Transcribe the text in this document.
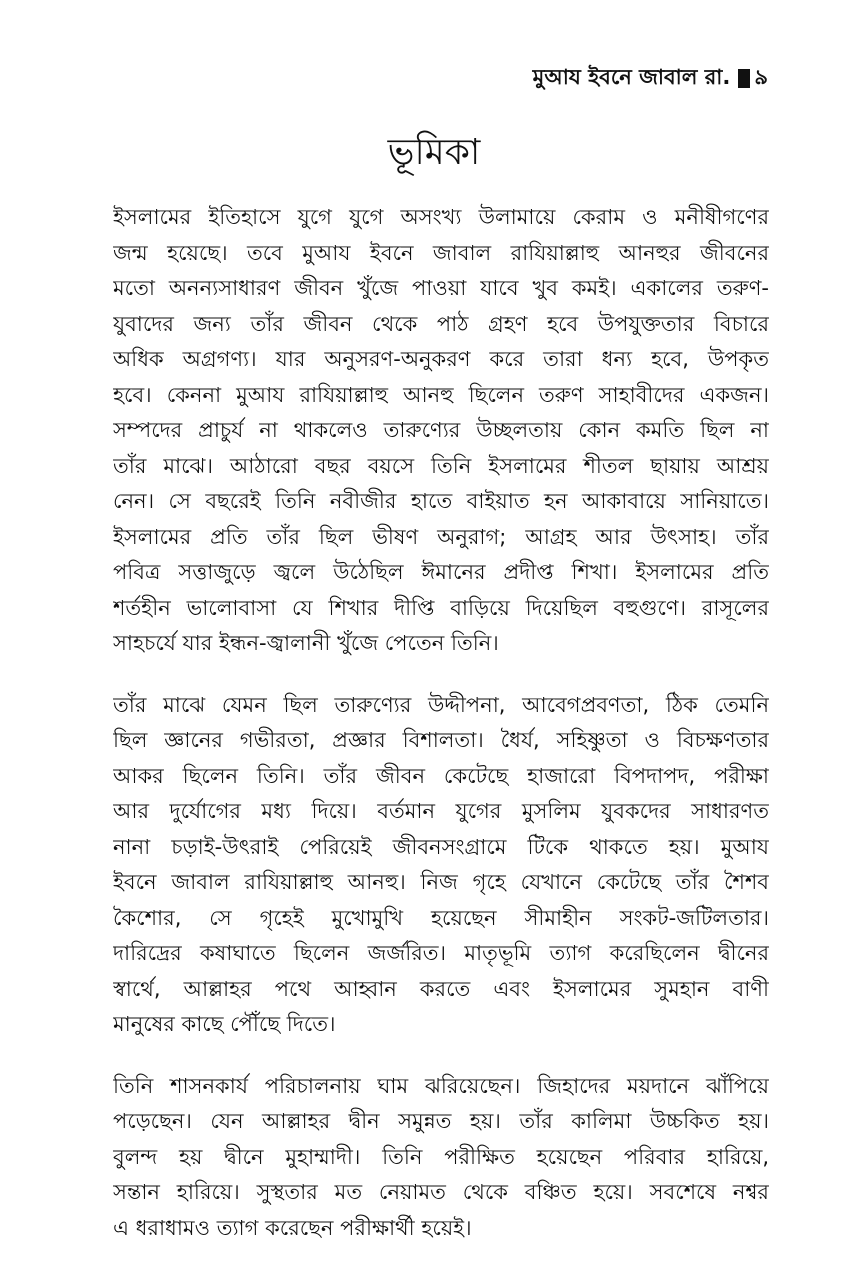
মুআয ইবনে জাবাল রা. ৯
ভূমিকা

ইসলামের ইতিহাসে যুগে যুগে অসংখ্য উলামায়ে কেরাম ও মনীষীগণের
জন্ম হয়েছে। তবে মুআয ইবনে জাবাল রাযিয়াল্লাহু আনহুর জীবনের
মতো অনন্যসাধারণ জীবন খুঁজে পাওয়া যাবে খুব কমই। একালের তরুণ-
যুবাদের জন্য তাঁর জীবন থেকে পাঠ গ্রহণ হবে উপযুক্ততার বিচারে
অধিক অগ্রগণ্য। যার অনুসরণ-অনুকরণ করে তারা ধন্য হবে, উপকৃত
হবে। কেননা মুআয রাযিয়াল্লাহু আনহু ছিলেন তরুণ সাহাবীদের একজন।
সম্পদের প্রাচুর্য না থাকলেও তারুণ্যের উচ্ছলতায় কোন কমতি ছিল না
তাঁর মাঝে। আঠারো বছর বয়সে তিনি ইসলামের শীতল ছায়ায় আশ্রয়
নেন। সে বছরেই তিনি নবীজীর হাতে বাইয়াত হন আকাবায়ে সানিয়াতে।
ইসলামের প্রতি তাঁর ছিল ভীষণ অনুরাগ; আগ্রহ আর উৎসাহ। তাঁর
পবিত্র সত্তাজুড়ে জ্বলে উঠেছিল ঈমানের প্রদীপ্ত শিখা। ইসলামের প্রতি
শর্তহীন ভালোবাসা যে শিখার দীপ্তি বাড়িয়ে দিয়েছিল বহুগুণে। রাসূলের
সাহচর্যে যার ইন্ধন-জ্বালানী খুঁজে পেতেন তিনি।

তাঁর মাঝে যেমন ছিল তারুণ্যের উদ্দীপনা, আবেগপ্রবণতা, ঠিক তেমনি
ছিল জ্ঞানের গভীরতা, প্রজ্ঞার বিশালতা। ধৈর্য, সহিষ্ণুতা ও বিচক্ষণতার
আকর ছিলেন তিনি। তাঁর জীবন কেটেছে হাজারো বিপদাপদ, পরীক্ষা
আর দুর্যোগের মধ্য দিয়ে। বর্তমান যুগের মুসলিম যুবকদের সাধারণত
নানা চড়াই-উৎরাই পেরিয়েই জীবনসংগ্রামে টিকে থাকতে হয়। মুআয
ইবনে জাবাল রাযিয়াল্লাহু আনহু। নিজ গৃহে যেখানে কেটেছে তাঁর শৈশব
কৈশোর, সে গৃহেই মুখোমুখি হয়েছেন সীমাহীন সংকট-জটিলতার।
দারিদ্রের কষাঘাতে ছিলেন জর্জরিত। মাতৃভূমি ত্যাগ করেছিলেন দ্বীনের
স্বার্থে, আল্লাহর পথে আহ্বান করতে এবং ইসলামের সুমহান বাণী
মানুষের কাছে পৌঁছে দিতে।

তিনি শাসনকার্য পরিচালনায় ঘাম ঝরিয়েছেন। জিহাদের ময়দানে ঝাঁপিয়ে
পড়েছেন। যেন আল্লাহর দ্বীন সমুন্নত হয়। তাঁর কালিমা উচ্চকিত হয়।
বুলন্দ হয় দ্বীনে মুহাম্মাদী। তিনি পরীক্ষিত হয়েছেন পরিবার হারিয়ে,
সন্তান হারিয়ে। সুস্থতার মত নেয়ামত থেকে বঞ্চিত হয়ে। সবশেষে নশ্বর
এ ধরাধামও ত্যাগ করেছেন পরীক্ষার্থী হয়েই।
